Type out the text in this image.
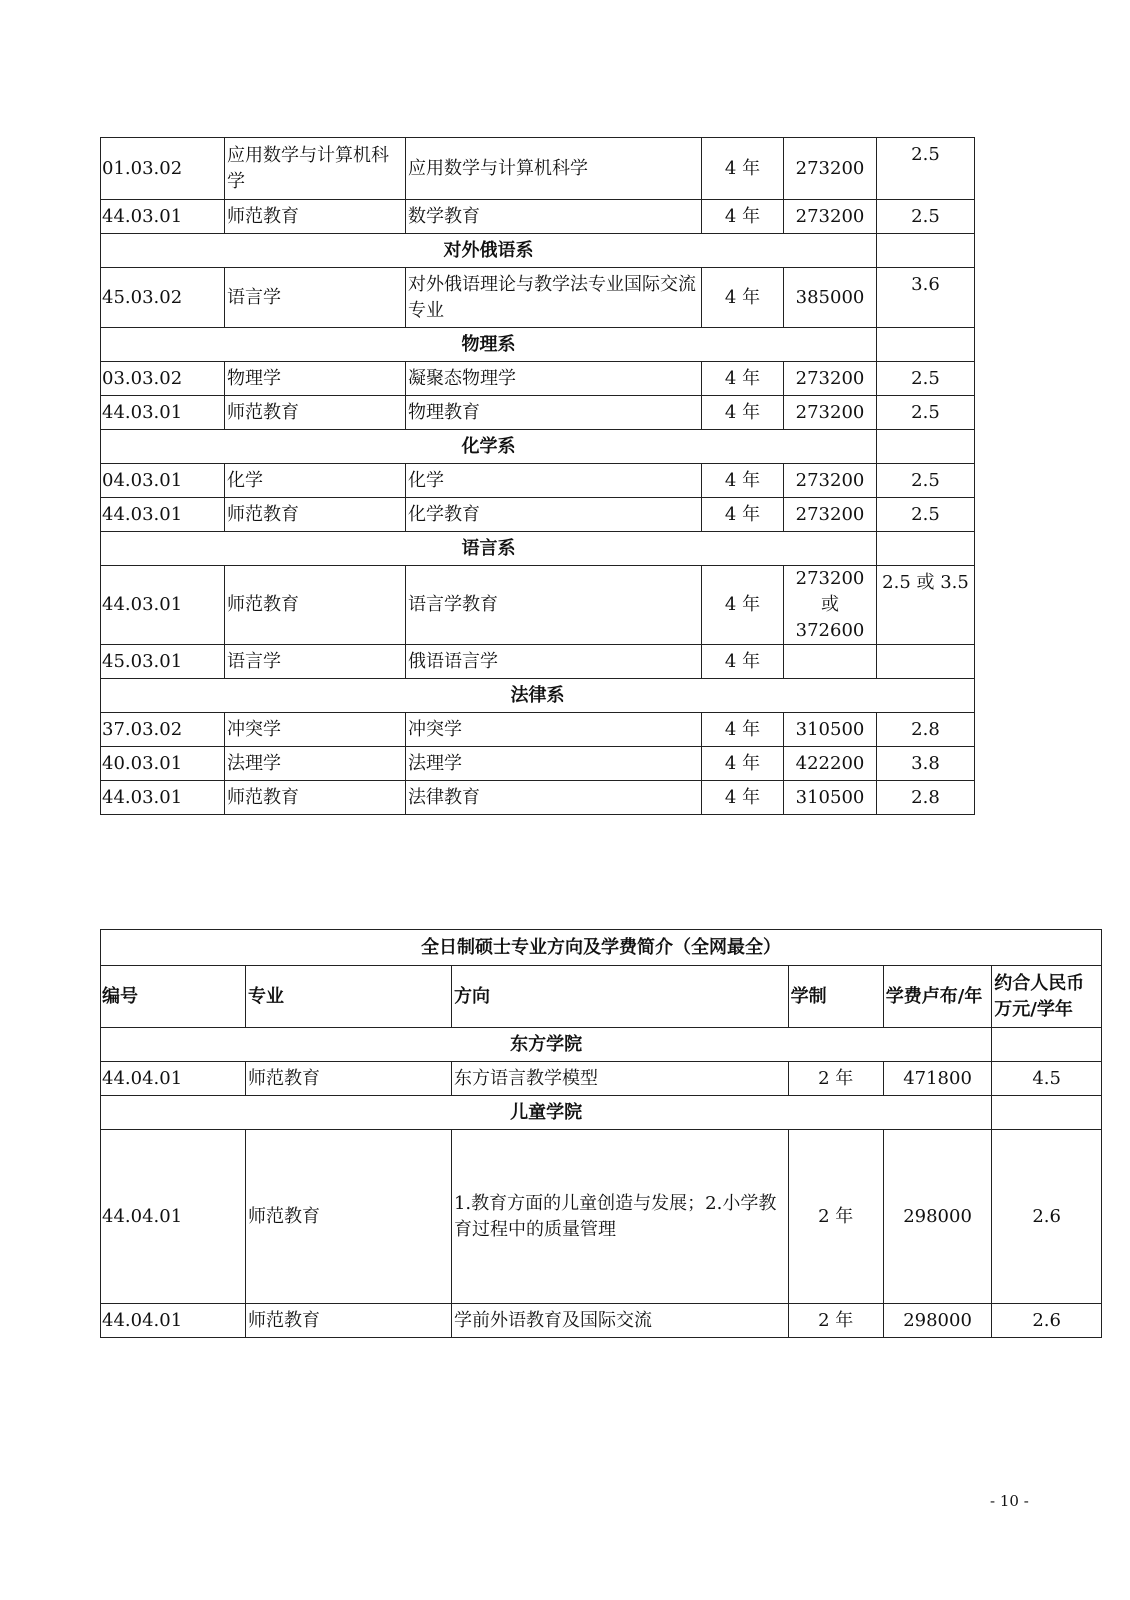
01.03.02	应用数学与计算机科学	应用数学与计算机科学	4 年	273200	2.5
44.03.01	师范教育	数学教育	4 年	273200	2.5
对外俄语系					
45.03.02	语言学	对外俄语理论与教学法专业国际交流专业	4 年	385000	3.6
物理系					
03.03.02	物理学	凝聚态物理学	4 年	273200	2.5
44.03.01	师范教育	物理教育	4 年	273200	2.5
化学系					
04.03.01	化学	化学	4 年	273200	2.5
44.03.01	师范教育	化学教育	4 年	273200	2.5
语言系					
44.03.01	师范教育	语言学教育	4 年	273200 或 372600	2.5 或 3.5
45.03.01	语言学	俄语语言学	4 年		
法律系					
37.03.02	冲突学	冲突学	4 年	310500	2.8
40.03.01	法理学	法理学	4 年	422200	3.8
44.03.01	师范教育	法律教育	4 年	310500	2.8
全日制硕士专业方向及学费简介（全网最全）					
编号	专业	方向	学制	学费卢布/年	约合人民币万元/学年
东方学院					
44.04.01	师范教育	东方语言教学模型	2 年	471800	4.5
儿童学院					
44.04.01	师范教育	1.教育方面的儿童创造与发展；2.小学教育过程中的质量管理	2 年	298000	2.6
44.04.01	师范教育	学前外语教育及国际交流	2 年	298000	2.6
- 10 -
